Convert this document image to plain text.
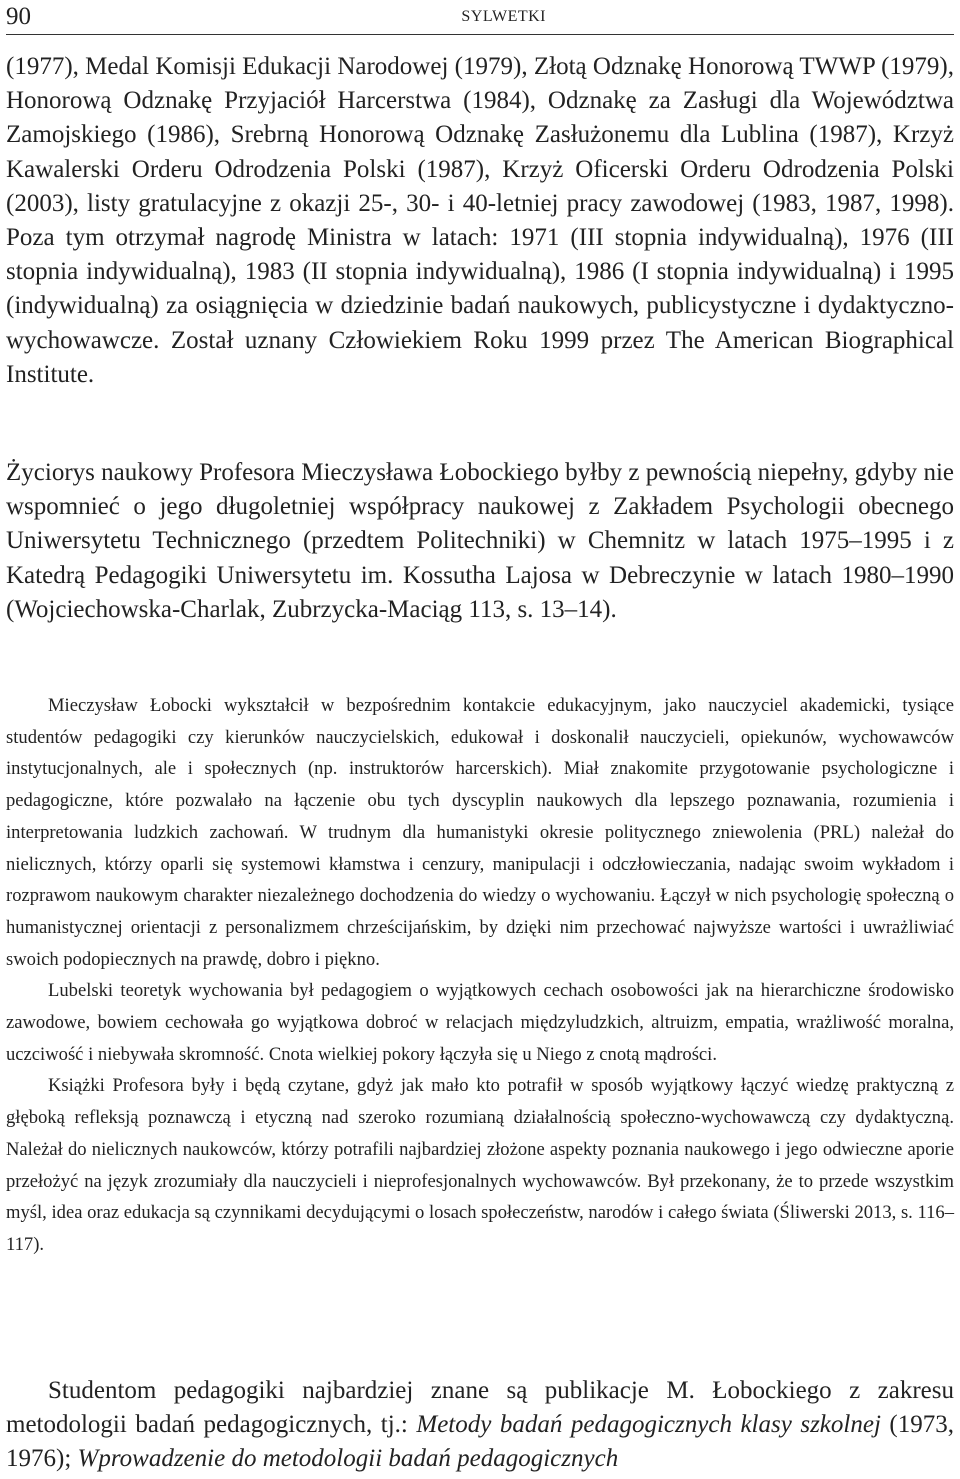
90	SYLWETKI

(1977), Medal Komisji Edukacji Narodowej (1979), Złotą Odznakę Honorową TWWP (1979), Honorową Odznakę Przyjaciół Harcerstwa (1984), Odznakę za Zasługi dla Województwa Zamojskiego (1986), Srebrną Honorową Odznakę Zasłużonemu dla Lublina (1987), Krzyż Kawalerski Orderu Odrodzenia Polski (1987), Krzyż Oficerski Orderu Odrodzenia Polski (2003), listy gratulacyjne z okazji 25-, 30- i 40-letniej pracy zawodowej (1983, 1987, 1998). Poza tym otrzymał nagrodę Ministra w latach: 1971 (III stopnia indywidualną), 1976 (III stopnia indywidualną), 1983 (II stopnia indywidualną), 1986 (I stopnia indywidualną) i 1995 (indywidualną) za osiągnięcia w dziedzinie badań naukowych, publicystyczne i dydaktyczno-wychowawcze. Został uznany Człowiekiem Roku 1999 przez The American Biographical Institute.

Życiorys naukowy Profesora Mieczysława Łobockiego byłby z pewnością niepełny, gdyby nie wspomnieć o jego długoletniej współpracy naukowej z Zakładem Psychologii obecnego Uniwersytetu Technicznego (przedtem Politechniki) w Chemnitz w latach 1975–1995 i z Katedrą Pedagogiki Uniwersytetu im. Kossutha Lajosa w Debreczynie w latach 1980–1990 (Wojciechowska-Charlak, Zubrzycka-Maciąg 113, s. 13–14).

Mieczysław Łobocki wykształcił w bezpośrednim kontakcie edukacyjnym, jako nauczyciel akademicki, tysiące studentów pedagogiki czy kierunków nauczycielskich, edukował i doskonalił nauczycieli, opiekunów, wychowawców instytucjonalnych, ale i społecznych (np. instruktorów harcerskich). Miał znakomite przygotowanie psychologiczne i pedagogiczne, które pozwalało na łączenie obu tych dyscyplin naukowych dla lepszego poznawania, rozumienia i interpretowania ludzkich zachowań. W trudnym dla humanistyki okresie politycznego zniewolenia (PRL) należał do nielicznych, którzy oparli się systemowi kłamstwa i cenzury, manipulacji i odczłowieczania, nadając swoim wykładom i rozprawom naukowym charakter niezależnego dochodzenia do wiedzy o wychowaniu. Łączył w nich psychologię społeczną o humanistycznej orientacji z personalizmem chrześcijańskim, by dzięki nim przechować najwyższe wartości i uwrażliwiać swoich podopiecznych na prawdę, dobro i piękno.

Lubelski teoretyk wychowania był pedagogiem o wyjątkowych cechach osobowości jak na hierarchiczne środowisko zawodowe, bowiem cechowała go wyjątkowa dobroć w relacjach międzyludzkich, altruizm, empatia, wrażliwość moralna, uczciwość i niebywała skromność. Cnota wielkiej pokory łączyła się u Niego z cnotą mądrości.

Książki Profesora były i będą czytane, gdyż jak mało kto potrafił w sposób wyjątkowy łączyć wiedzę praktyczną z głęboką refleksją poznawczą i etyczną nad szeroko rozumianą działalnością społeczno-wychowawczą czy dydaktyczną. Należał do nielicznych naukowców, którzy potrafili najbardziej złożone aspekty poznania naukowego i jego odwieczne aporie przełożyć na język zrozumiały dla nauczycieli i nieprofesjonalnych wychowawców. Był przekonany, że to przede wszystkim myśl, idea oraz edukacja są czynnikami decydującymi o losach społeczeństw, narodów i całego świata (Śliwerski 2013, s. 116–117).

Studentom pedagogiki najbardziej znane są publikacje M. Łobockiego z zakresu metodologii badań pedagogicznych, tj.: Metody badań pedagogicznych klasy szkolnej (1973, 1976); Wprowadzenie do metodologii badań pedagogicznych
